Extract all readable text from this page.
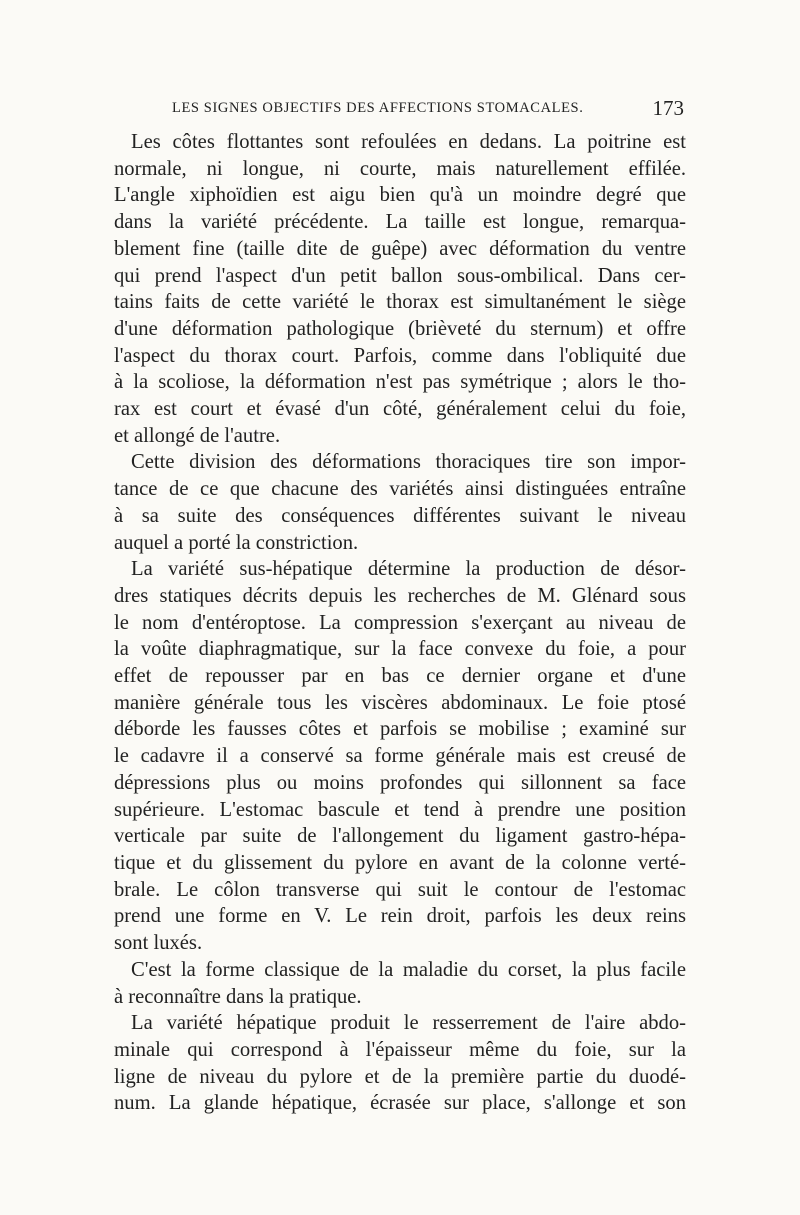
LES SIGNES OBJECTIFS DES AFFECTIONS STOMACALES.	173

Les côtes flottantes sont refoulées en dedans. La poitrine est
normale, ni longue, ni courte, mais naturellement effilée.
L'angle xiphoïdien est aigu bien qu'à un moindre degré que
dans la variété précédente. La taille est longue, remarqua-
blement fine (taille dite de guêpe) avec déformation du ventre
qui prend l'aspect d'un petit ballon sous-ombilical. Dans cer-
tains faits de cette variété le thorax est simultanément le siège
d'une déformation pathologique (brièveté du sternum) et offre
l'aspect du thorax court. Parfois, comme dans l'obliquité due
à la scoliose, la déformation n'est pas symétrique ; alors le tho-
rax est court et évasé d'un côté, généralement celui du foie,
et allongé de l'autre.

Cette division des déformations thoraciques tire son impor-
tance de ce que chacune des variétés ainsi distinguées entraîne
à sa suite des conséquences différentes suivant le niveau
auquel a porté la constriction.

La variété sus-hépatique détermine la production de désor-
dres statiques décrits depuis les recherches de M. Glénard sous
le nom d'entéroptose. La compression s'exerçant au niveau de
la voûte diaphragmatique, sur la face convexe du foie, a pour
effet de repousser par en bas ce dernier organe et d'une
manière générale tous les viscères abdominaux. Le foie ptosé
déborde les fausses côtes et parfois se mobilise ; examiné sur
le cadavre il a conservé sa forme générale mais est creusé de
dépressions plus ou moins profondes qui sillonnent sa face
supérieure. L'estomac bascule et tend à prendre une position
verticale par suite de l'allongement du ligament gastro-hépa-
tique et du glissement du pylore en avant de la colonne verté-
brale. Le côlon transverse qui suit le contour de l'estomac
prend une forme en V. Le rein droit, parfois les deux reins
sont luxés.

C'est la forme classique de la maladie du corset, la plus facile
à reconnaître dans la pratique.

La variété hépatique produit le resserrement de l'aire abdo-
minale qui correspond à l'épaisseur même du foie, sur la
ligne de niveau du pylore et de la première partie du duodé-
num. La glande hépatique, écrasée sur place, s'allonge et son
